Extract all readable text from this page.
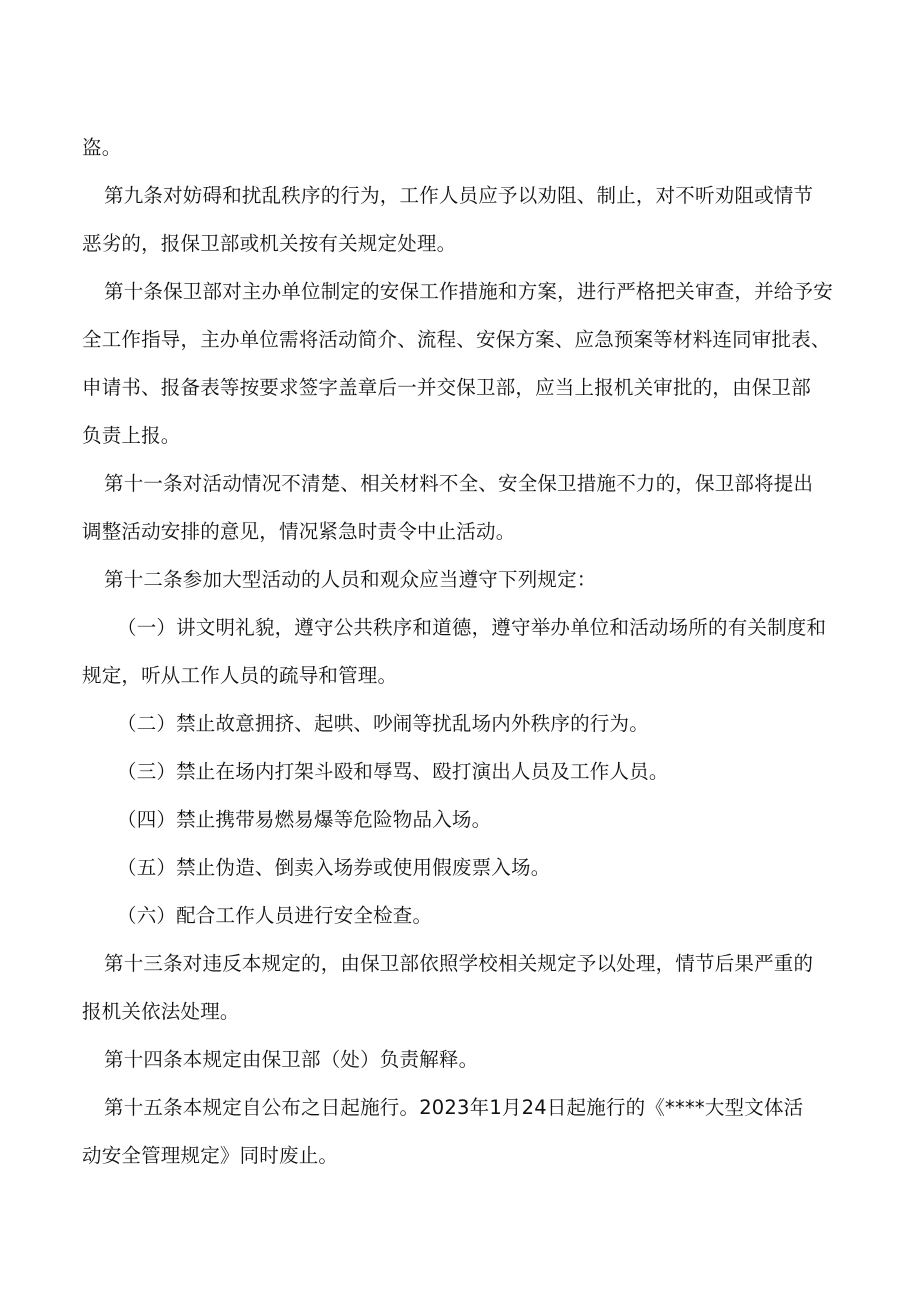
盗。
第九条对妨碍和扰乱秩序的行为，工作人员应予以劝阻、制止，对不听劝阻或情节
恶劣的，报保卫部或机关按有关规定处理。
第十条保卫部对主办单位制定的安保工作措施和方案，进行严格把关审查，并给予安
全工作指导，主办单位需将活动简介、流程、安保方案、应急预案等材料连同审批表、
申请书、报备表等按要求签字盖章后一并交保卫部，应当上报机关审批的，由保卫部
负责上报。
第十一条对活动情况不清楚、相关材料不全、安全保卫措施不力的，保卫部将提出
调整活动安排的意见，情况紧急时责令中止活动。
第十二条参加大型活动的人员和观众应当遵守下列规定：
（一）讲文明礼貌，遵守公共秩序和道德，遵守举办单位和活动场所的有关制度和
规定，听从工作人员的疏导和管理。
（二）禁止故意拥挤、起哄、吵闹等扰乱场内外秩序的行为。
（三）禁止在场内打架斗殴和辱骂、殴打演出人员及工作人员。
（四）禁止携带易燃易爆等危险物品入场。
（五）禁止伪造、倒卖入场券或使用假废票入场。
（六）配合工作人员进行安全检查。
第十三条对违反本规定的，由保卫部依照学校相关规定予以处理，情节后果严重的
报机关依法处理。
第十四条本规定由保卫部（处）负责解释。
第十五条本规定自公布之日起施行。2023年1月24日起施行的《****大型文体活
动安全管理规定》同时废止。
